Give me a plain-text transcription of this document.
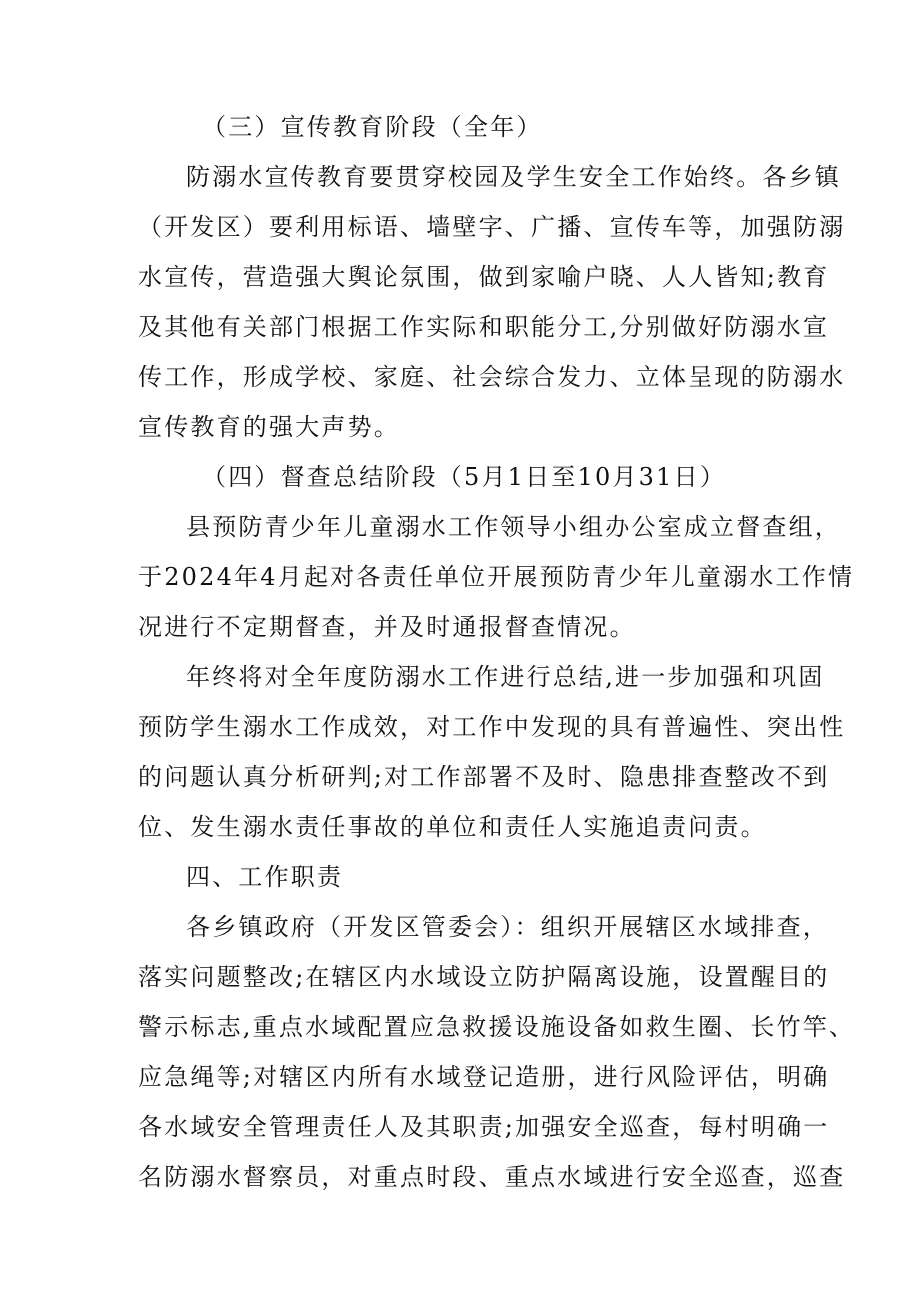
（三）宣传教育阶段（全年）
防溺水宣传教育要贯穿校园及学生安全工作始终。各乡镇
（开发区）要利用标语、墙壁字、广播、宣传车等，加强防溺
水宣传，营造强大舆论氛围，做到家喻户晓、人人皆知;教育
及其他有关部门根据工作实际和职能分工,分别做好防溺水宣
传工作，形成学校、家庭、社会综合发力、立体呈现的防溺水
宣传教育的强大声势。
（四）督查总结阶段（5月1日至10月31日）
县预防青少年儿童溺水工作领导小组办公室成立督查组，
于2024年4月起对各责任单位开展预防青少年儿童溺水工作情
况进行不定期督查，并及时通报督查情况。
年终将对全年度防溺水工作进行总结,进一步加强和巩固
预防学生溺水工作成效，对工作中发现的具有普遍性、突出性
的问题认真分析研判;对工作部署不及时、隐患排查整改不到
位、发生溺水责任事故的单位和责任人实施追责问责。
四、工作职责
各乡镇政府（开发区管委会）：组织开展辖区水域排查，
落实问题整改;在辖区内水域设立防护隔离设施，设置醒目的
警示标志,重点水域配置应急救援设施设备如救生圈、长竹竿、
应急绳等;对辖区内所有水域登记造册，进行风险评估，明确
各水域安全管理责任人及其职责;加强安全巡查，每村明确一
名防溺水督察员，对重点时段、重点水域进行安全巡查，巡查
